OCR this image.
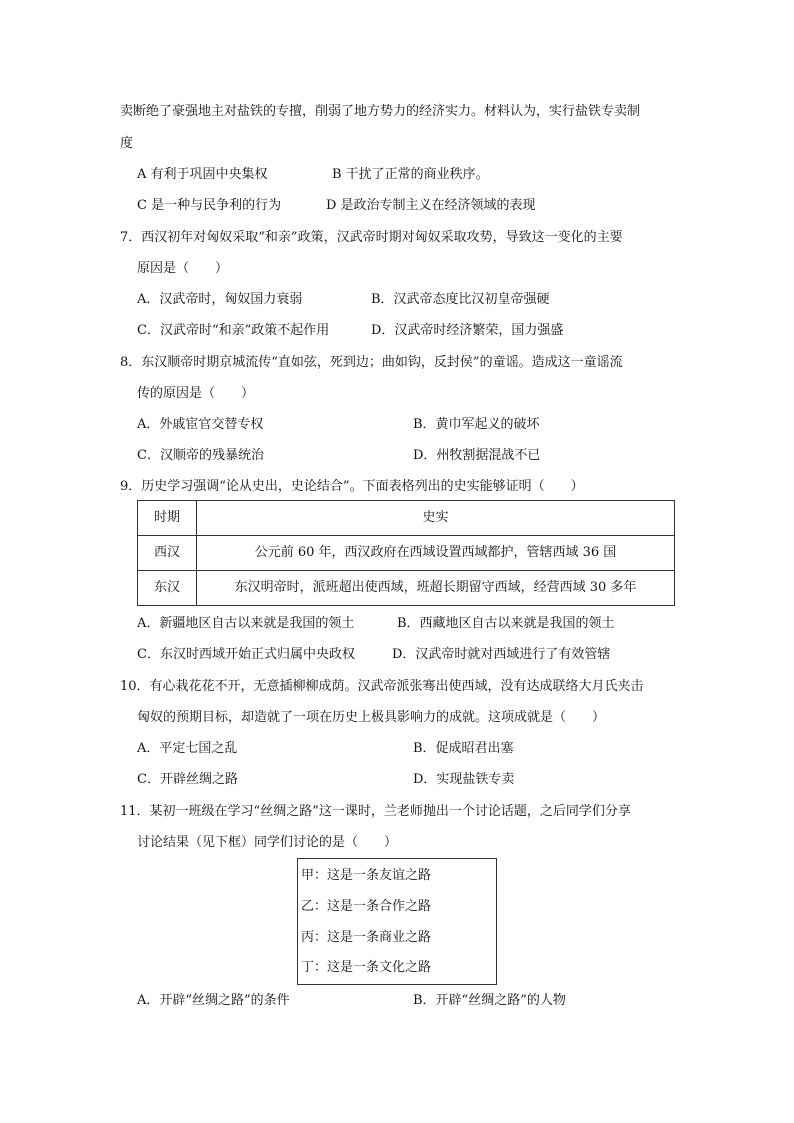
卖断绝了豪强地主对盐铁的专擅，削弱了地方势力的经济实力。材料认为，实行盐铁专卖制
度
A 有利于巩固中央集权	B 干扰了正常的商业秩序。
C 是一种与民争利的行为	D 是政治专制主义在经济领域的表现
7．西汉初年对匈奴采取“和亲”政策，汉武帝时期对匈奴采取攻势，导致这一变化的主要
原因是（　　）
A．汉武帝时，匈奴国力衰弱	B．汉武帝态度比汉初皇帝强硬
C．汉武帝时“和亲”政策不起作用	D．汉武帝时经济繁荣，国力强盛
8．东汉顺帝时期京城流传“直如弦，死到边；曲如钩，反封侯”的童谣。造成这一童谣流
传的原因是（　　）
A．外戚宦官交替专权	B．黄巾军起义的破坏
C．汉顺帝的残暴统治	D．州牧割据混战不已
9．历史学习强调“论从史出，史论结合”。下面表格列出的史实能够证明（　　）
时期	史实
西汉	公元前 60 年，西汉政府在西域设置西域都护，管辖西域 36 国
东汉	东汉明帝时，派班超出使西域，班超长期留守西域，经营西域 30 多年
A．新疆地区自古以来就是我国的领土	B．西藏地区自古以来就是我国的领土
C．东汉时西域开始正式归属中央政权	D．汉武帝时就对西域进行了有效管辖
10．有心栽花花不开，无意插柳柳成荫。汉武帝派张骞出使西域，没有达成联络大月氏夹击
匈奴的预期目标，却造就了一项在历史上极具影响力的成就。这项成就是（　　）
A．平定七国之乱	B．促成昭君出塞
C．开辟丝绸之路	D．实现盐铁专卖
11．某初一班级在学习“丝绸之路”这一课时，兰老师抛出一个讨论话题，之后同学们分享
讨论结果（见下框）同学们讨论的是（　　）
甲：这是一条友谊之路
乙：这是一条合作之路
丙：这是一条商业之路
丁：这是一条文化之路
A．开辟“丝绸之路”的条件	B．开辟“丝绸之路”的人物
